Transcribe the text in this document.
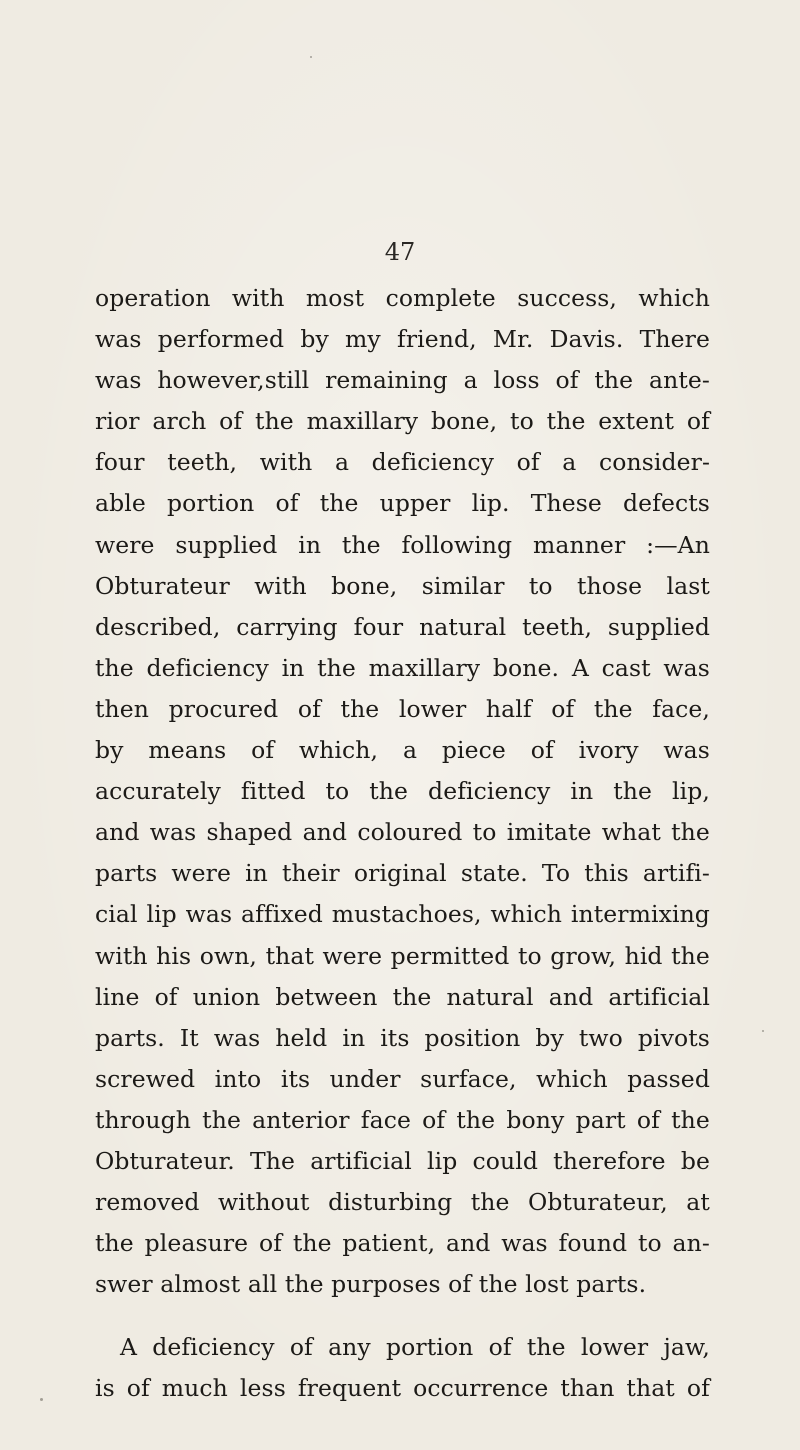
47
operation with most complete success, which
was performed by my friend, Mr. Davis. There
was however,still remaining a loss of the ante-
rior arch of the maxillary bone, to the extent of
four teeth, with a deficiency of a consider-
able portion of the upper lip. These defects
were supplied in the following manner :—An
Obturateur with bone, similar to those last
described, carrying four natural teeth, supplied
the deficiency in the maxillary bone. A cast was
then procured of the lower half of the face,
by means of which, a piece of ivory was
accurately fitted to the deficiency in the lip,
and was shaped and coloured to imitate what the
parts were in their original state. To this artifi-
cial lip was affixed mustachoes, which intermixing
with his own, that were permitted to grow, hid the
line of union between the natural and artificial
parts. It was held in its position by two pivots
screwed into its under surface, which passed
through the anterior face of the bony part of the
Obturateur. The artificial lip could therefore be
removed without disturbing the Obturateur, at
the pleasure of the patient, and was found to an-
swer almost all the purposes of the lost parts.
A deficiency of any portion of the lower jaw,
is of much less frequent occurrence than that of
